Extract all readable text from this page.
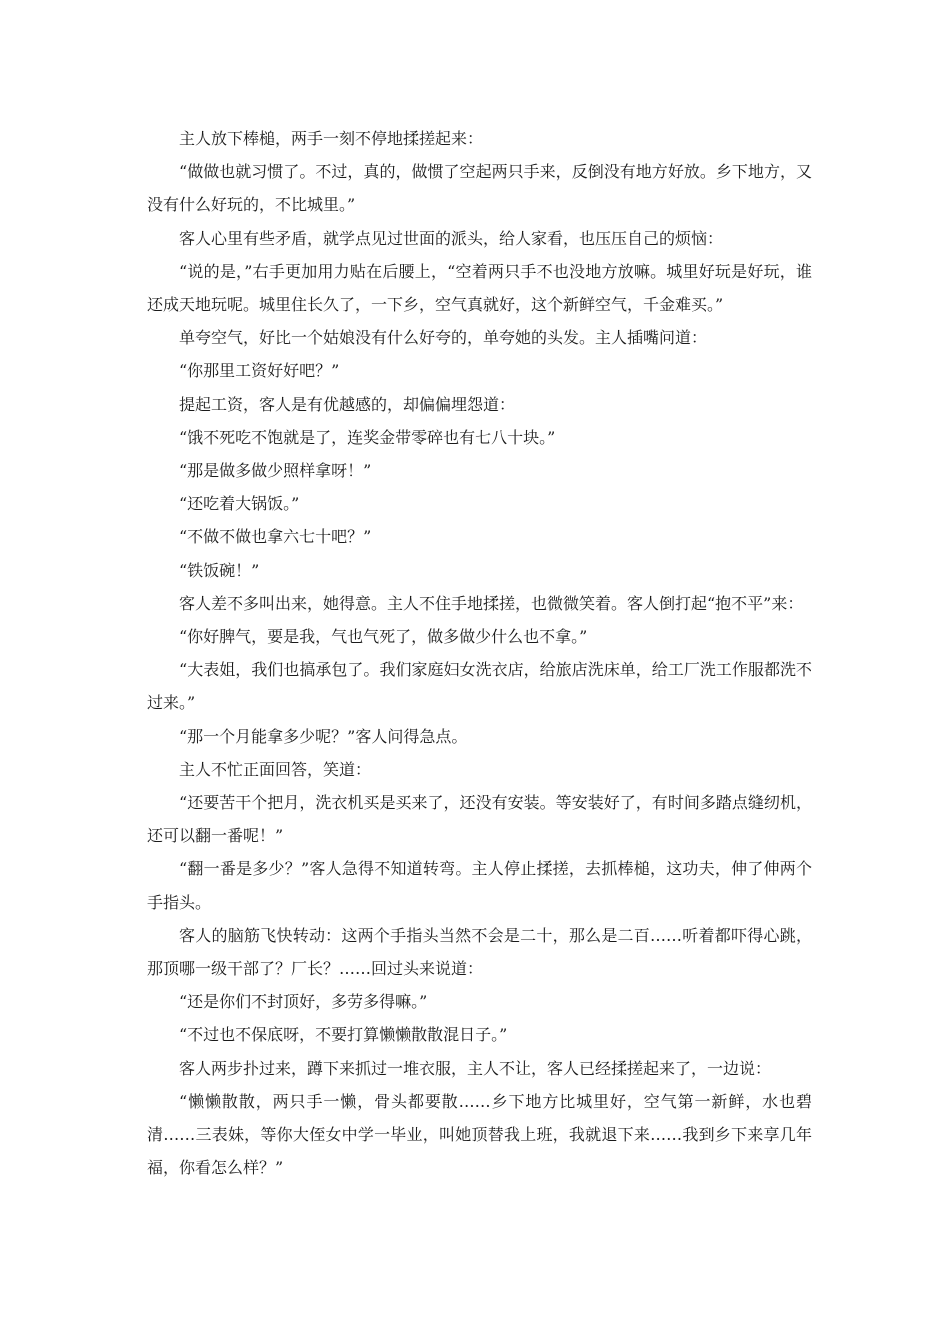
主人放下棒槌，两手一刻不停地揉搓起来：

“做做也就习惯了。不过，真的，做惯了空起两只手来，反倒没有地方好放。乡下地方，又没有什么好玩的，不比城里。”

客人心里有些矛盾，就学点见过世面的派头，给人家看，也压压自己的烦恼：

“说的是，”右手更加用力贴在后腰上，“空着两只手不也没地方放嘛。城里好玩是好玩，谁还成天地玩呢。城里住长久了，一下乡，空气真就好，这个新鲜空气，千金难买。”

单夸空气，好比一个姑娘没有什么好夸的，单夸她的头发。主人插嘴问道：

“你那里工资好好吧？”

提起工资，客人是有优越感的，却偏偏埋怨道：

“饿不死吃不饱就是了，连奖金带零碎也有七八十块。”

“那是做多做少照样拿呀！”

“还吃着大锅饭。”

“不做不做也拿六七十吧？”

“铁饭碗！”

客人差不多叫出来，她得意。主人不住手地揉搓，也微微笑着。客人倒打起“抱不平”来：

“你好脾气，要是我，气也气死了，做多做少什么也不拿。”

“大表姐，我们也搞承包了。我们家庭妇女洗衣店，给旅店洗床单，给工厂洗工作服都洗不过来。”

“那一个月能拿多少呢？”客人问得急点。

主人不忙正面回答，笑道：

“还要苦干个把月，洗衣机买是买来了，还没有安装。等安装好了，有时间多踏点缝纫机，还可以翻一番呢！”

“翻一番是多少？”客人急得不知道转弯。主人停止揉搓，去抓棒槌，这功夫，伸了伸两个手指头。

客人的脑筋飞快转动：这两个手指头当然不会是二十，那么是二百……听着都吓得心跳，那顶哪一级干部了？厂长？……回过头来说道：

“还是你们不封顶好，多劳多得嘛。”

“不过也不保底呀，不要打算懒懒散散混日子。”

客人两步扑过来，蹲下来抓过一堆衣服，主人不让，客人已经揉搓起来了，一边说：

“懒懒散散，两只手一懒，骨头都要散……乡下地方比城里好，空气第一新鲜，水也碧清……三表妹，等你大侄女中学一毕业，叫她顶替我上班，我就退下来……我到乡下来享几年福，你看怎么样？”
